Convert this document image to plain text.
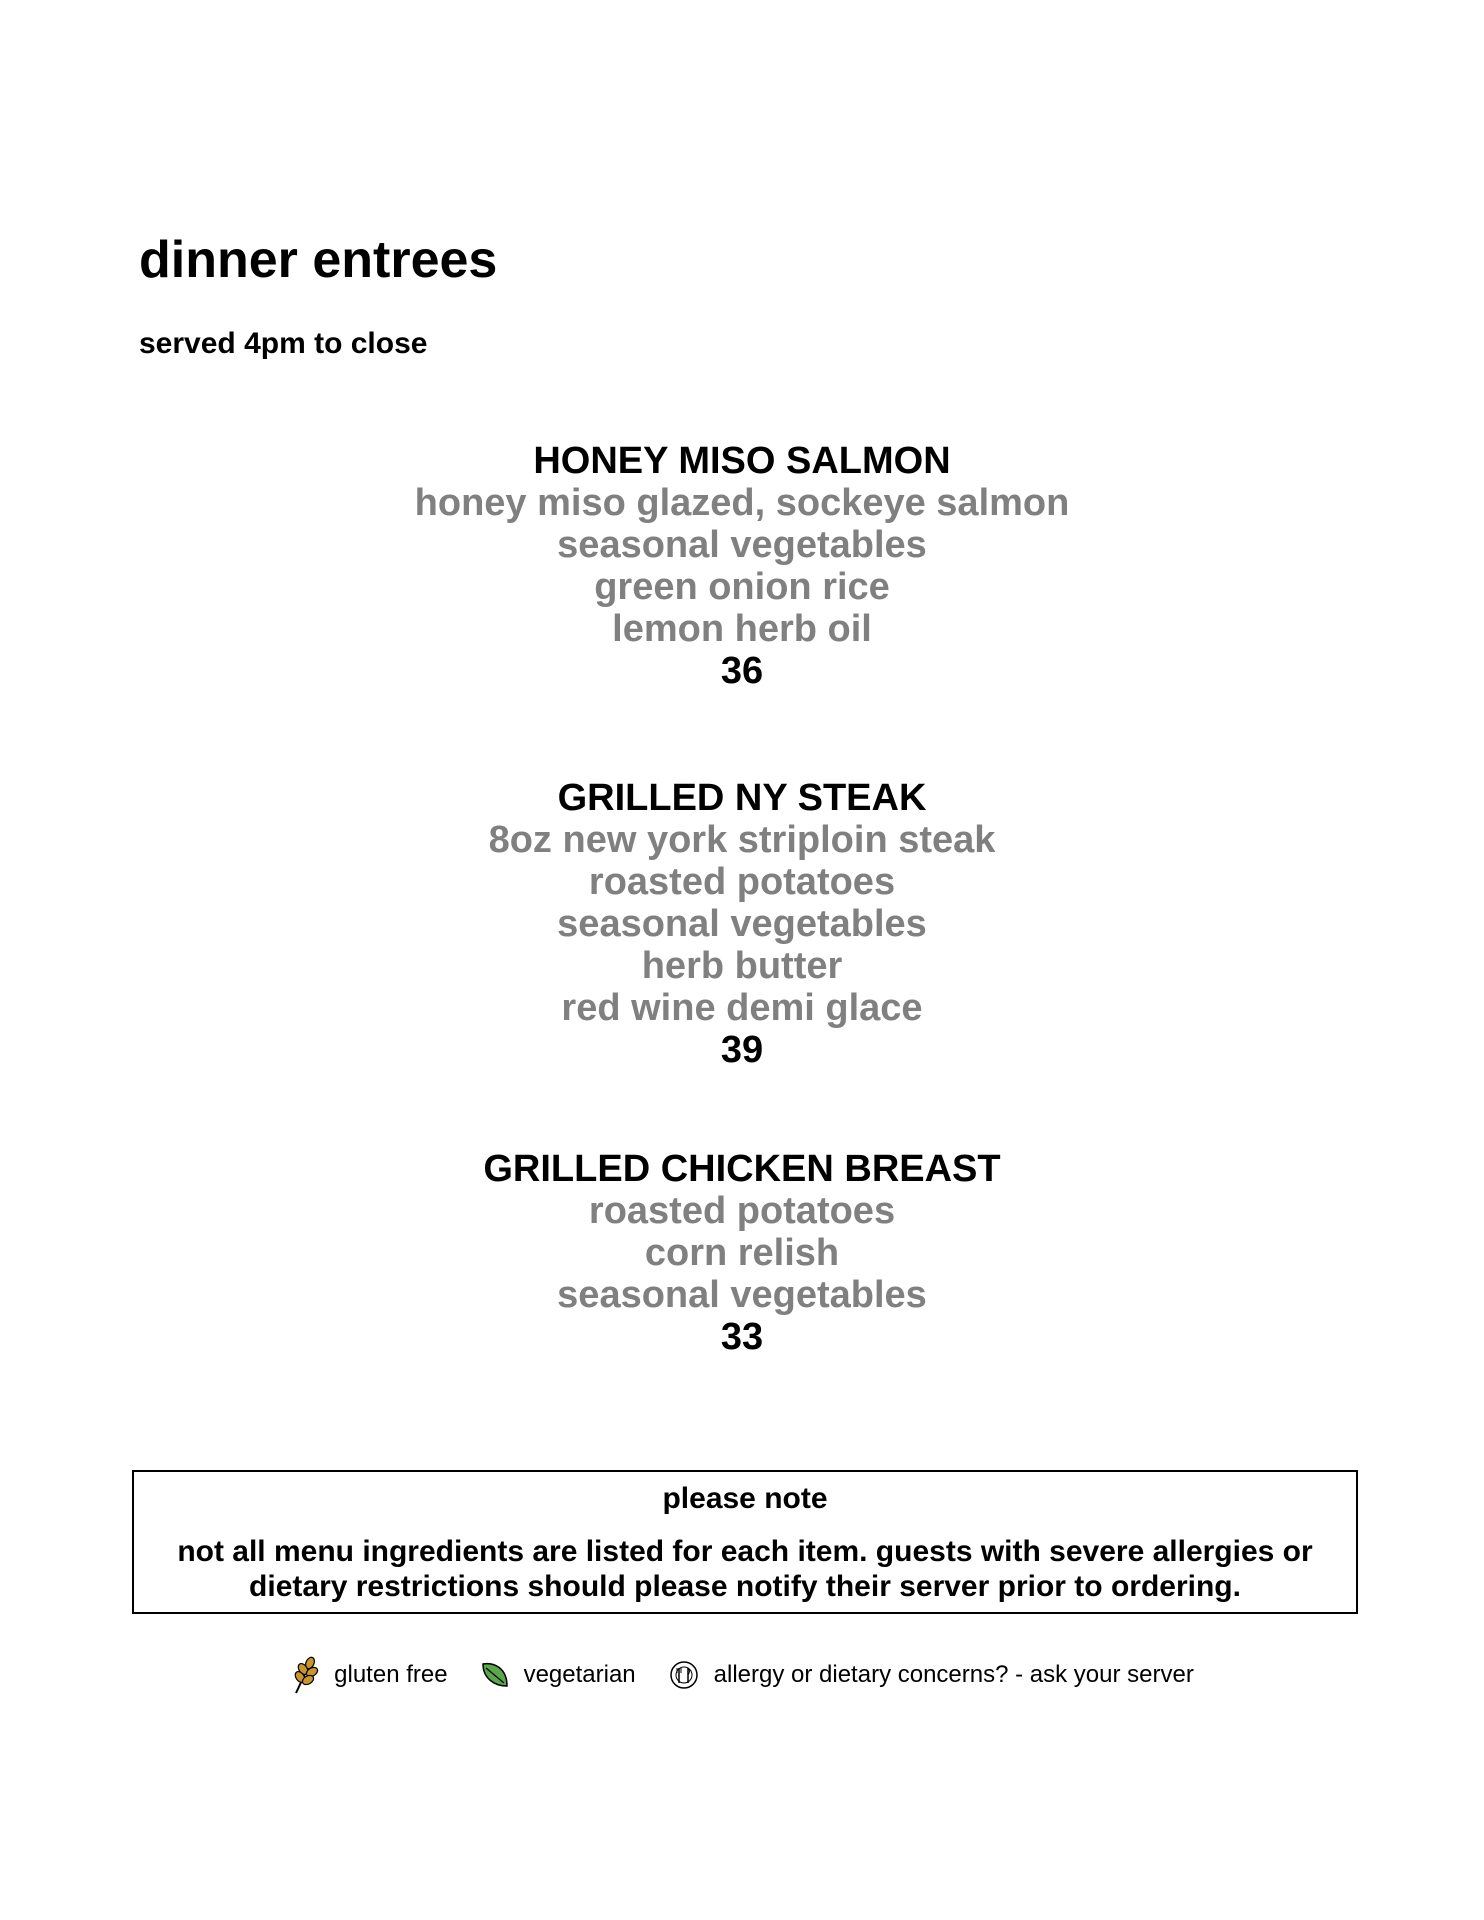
dinner entrees
served 4pm to close
HONEY MISO SALMON
honey miso glazed, sockeye salmon
seasonal vegetables
green onion rice
lemon herb oil
36
GRILLED NY STEAK
8oz new york striploin steak
roasted potatoes
seasonal vegetables
herb butter
red wine demi glace
39
GRILLED CHICKEN BREAST
roasted potatoes
corn relish
seasonal vegetables
33
please note
not all menu ingredients are listed for each item. guests with severe allergies or
dietary restrictions should please notify their server prior to ordering.
gluten free	vegetarian	allergy or dietary concerns? - ask your server
